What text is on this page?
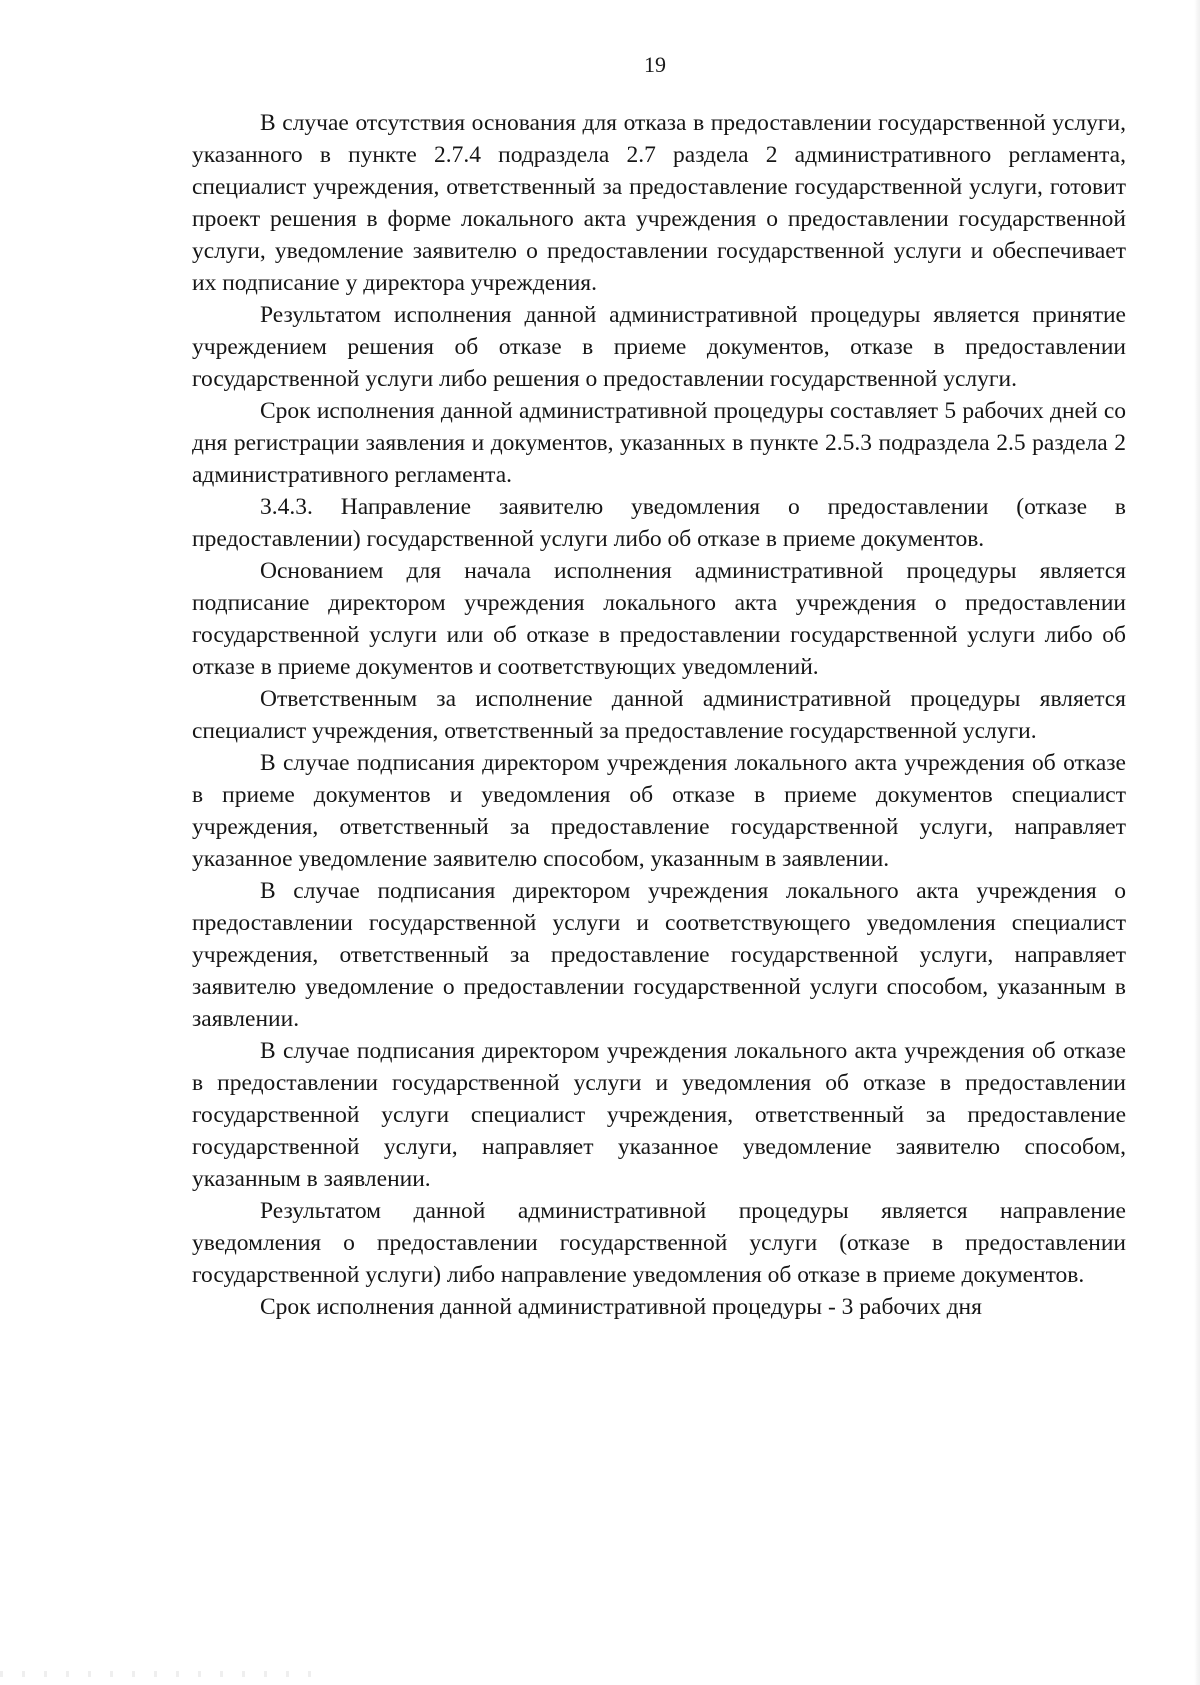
19

В случае отсутствия основания для отказа в предоставлении государственной услуги, указанного в пункте 2.7.4 подраздела 2.7 раздела 2 административного регламента, специалист учреждения, ответственный за предоставление государственной услуги, готовит проект решения в форме локального акта учреждения о предоставлении государственной услуги, уведомление заявителю о предоставлении государственной услуги и обеспечивает их подписание у директора учреждения.

Результатом исполнения данной административной процедуры является принятие учреждением решения об отказе в приеме документов, отказе в предоставлении государственной услуги либо решения о предоставлении государственной услуги.

Срок исполнения данной административной процедуры составляет 5 рабочих дней со дня регистрации заявления и документов, указанных в пункте 2.5.3 подраздела 2.5 раздела 2 административного регламента.

3.4.3. Направление заявителю уведомления о предоставлении (отказе в предоставлении) государственной услуги либо об отказе в приеме документов.

Основанием для начала исполнения административной процедуры является подписание директором учреждения локального акта учреждения о предоставлении государственной услуги или об отказе в предоставлении государственной услуги либо об отказе в приеме документов и соответствующих уведомлений.

Ответственным за исполнение данной административной процедуры является специалист учреждения, ответственный за предоставление государственной услуги.

В случае подписания директором учреждения локального акта учреждения об отказе в приеме документов и уведомления об отказе в приеме документов специалист учреждения, ответственный за предоставление государственной услуги, направляет указанное уведомление заявителю способом, указанным в заявлении.

В случае подписания директором учреждения локального акта учреждения о предоставлении государственной услуги и соответствующего уведомления специалист учреждения, ответственный за предоставление государственной услуги, направляет заявителю уведомление о предоставлении государственной услуги способом, указанным в заявлении.

В случае подписания директором учреждения локального акта учреждения об отказе в предоставлении государственной услуги и уведомления об отказе в предоставлении государственной услуги специалист учреждения, ответственный за предоставление государственной услуги, направляет указанное уведомление заявителю способом, указанным в заявлении.

Результатом данной административной процедуры является направление уведомления о предоставлении государственной услуги (отказе в предоставлении государственной услуги) либо направление уведомления об отказе в приеме документов.

Срок исполнения данной административной процедуры - 3 рабочих дня
